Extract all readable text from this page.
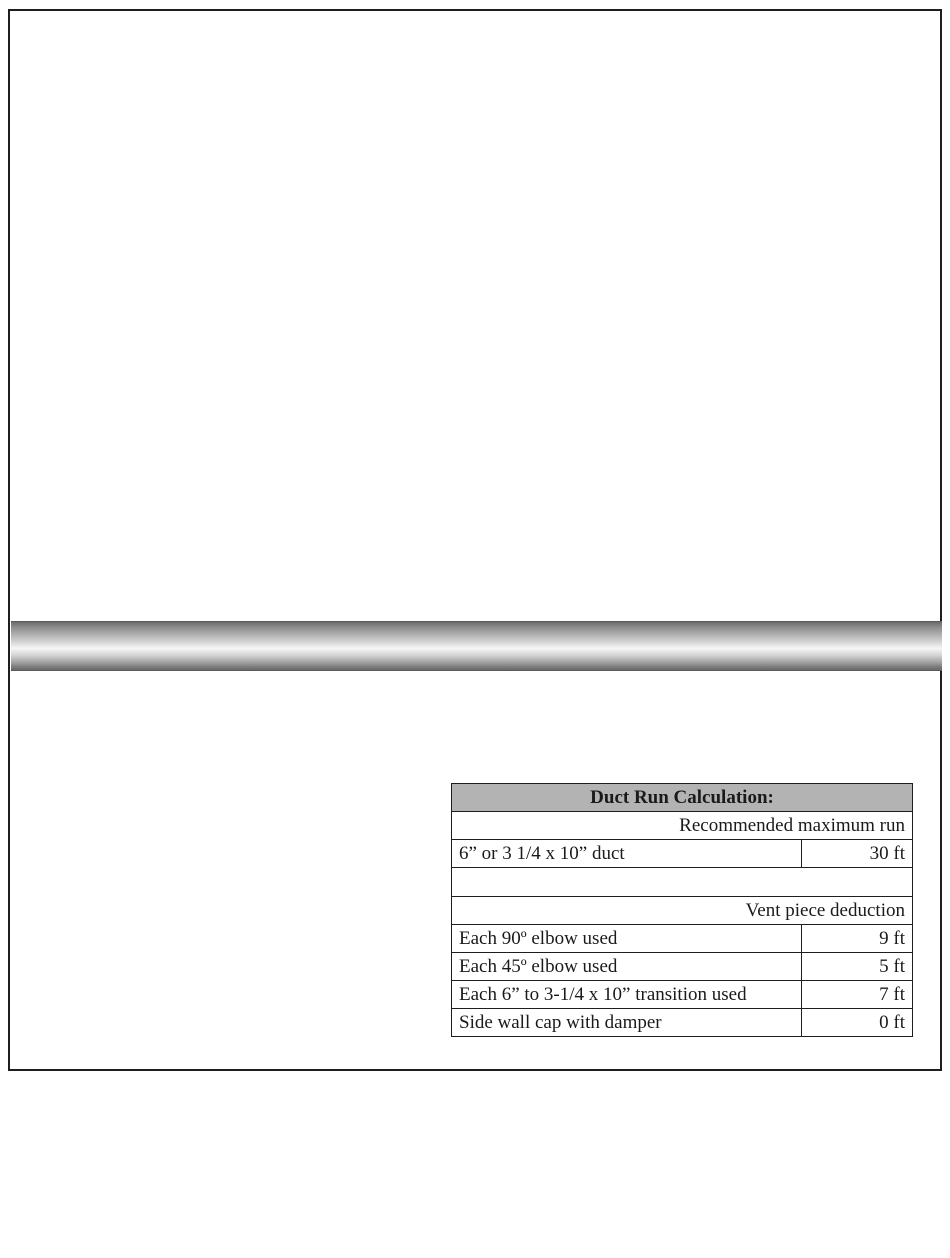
Duct Run Calculation:	
Recommended maximum run	
6” or 3 1/4 x 10” duct	30 ft

Vent piece deduction	
Each 90º elbow used	9 ft
Each 45º elbow used	5 ft
Each 6” to 3-1/4 x 10” transition used	7 ft
Side wall cap with damper	0 ft
